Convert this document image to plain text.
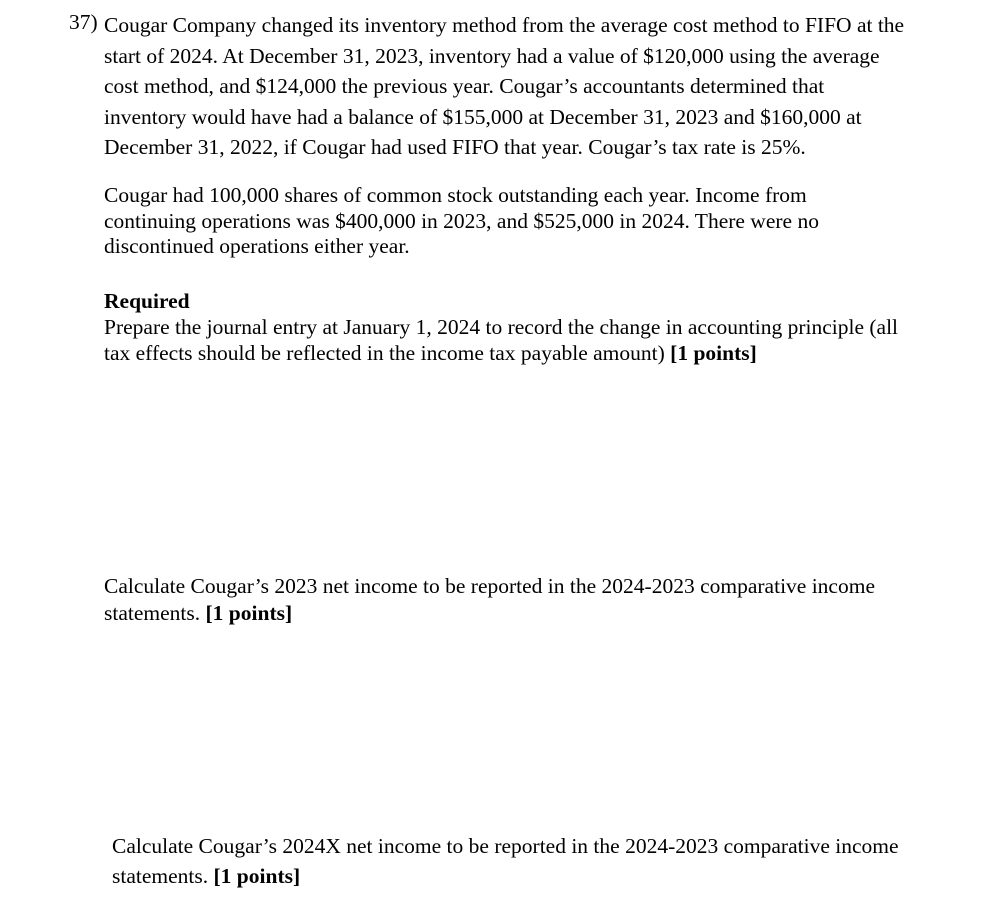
37) Cougar Company changed its inventory method from the average cost method to FIFO at the
start of 2024. At December 31, 2023, inventory had a value of $120,000 using the average
cost method, and $124,000 the previous year. Cougar’s accountants determined that
inventory would have had a balance of $155,000 at December 31, 2023 and $160,000 at
December 31, 2022, if Cougar had used FIFO that year. Cougar’s tax rate is 25%.
Cougar had 100,000 shares of common stock outstanding each year. Income from
continuing operations was $400,000 in 2023, and $525,000 in 2024. There were no
discontinued operations either year.
Required
Prepare the journal entry at January 1, 2024 to record the change in accounting principle (all
tax effects should be reflected in the income tax payable amount) [1 points]
Calculate Cougar’s 2023 net income to be reported in the 2024-2023 comparative income
statements. [1 points]
Calculate Cougar’s 2024X net income to be reported in the 2024-2023 comparative income
statements. [1 points]
